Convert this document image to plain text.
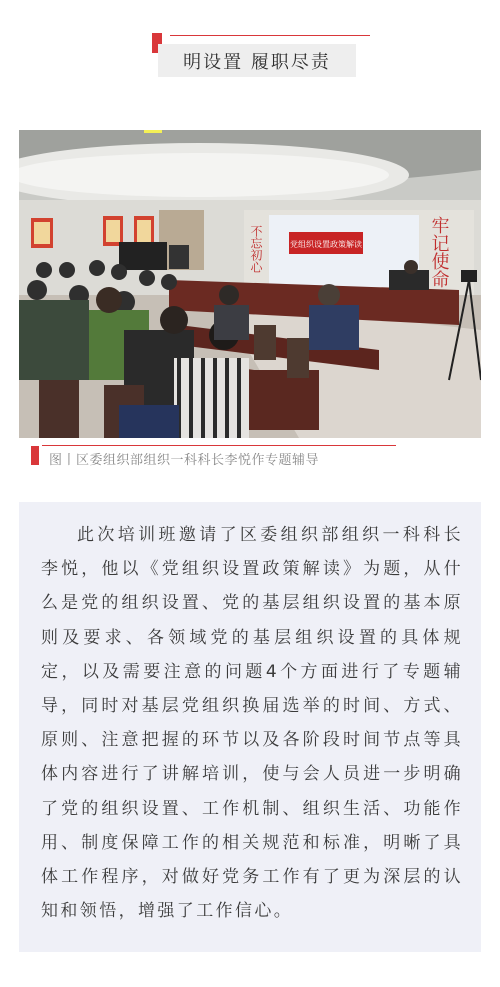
明设置 履职尽责
党组织设置政策解读
不忘初心	牢记使命
图丨区委组织部组织一科科长李悦作专题辅导

此次培训班邀请了区委组织部组织一科科长李悦，他以《党组织设置政策解读》为题，从什么是党的组织设置、党的基层组织设置的基本原则及要求、各领域党的基层组织设置的具体规定，以及需要注意的问题4个方面进行了专题辅导，同时对基层党组织换届选举的时间、方式、原则、注意把握的环节以及各阶段时间节点等具体内容进行了讲解培训，使与会人员进一步明确了党的组织设置、工作机制、组织生活、功能作用、制度保障工作的相关规范和标准，明晰了具体工作程序，对做好党务工作有了更为深层的认知和领悟，增强了工作信心。
